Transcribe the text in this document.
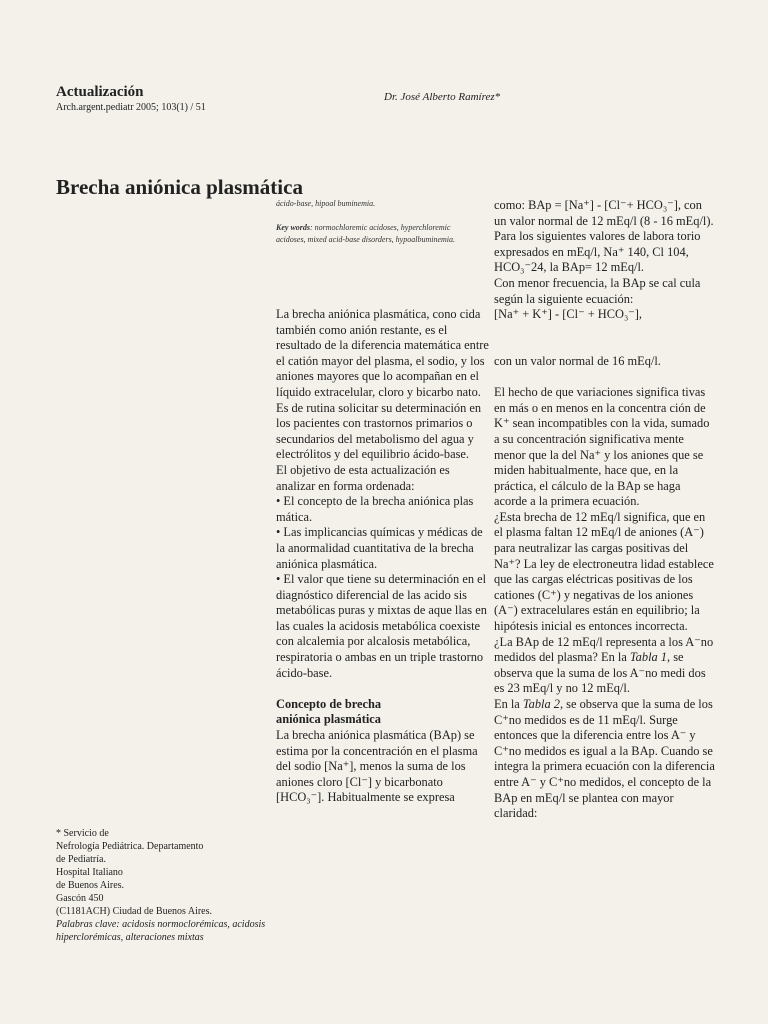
Actualización
Arch.argent.pediatr 2005; 103(1) / 51
Dr. José Alberto Ramírez*
Brecha aniónica plasmática
ácido-base, hipoal buminemia.
Key words: normochloremic acidoses, hyperchloremic acidoses, mixed acid-base disorders, hypoalbuminemia.

La brecha aniónica plasmática, cono cida también como anión restante, es el resultado de la diferencia matemática entre el catión mayor del plasma, el sodio, y los aniones mayores que lo acompañan en el líquido extracelular, cloro y bicarbo nato.

Es de rutina solicitar su determinación en los pacientes con trastornos primarios o secundarios del metabolismo del agua y electrólitos y del equilibrio ácido-base.

El objetivo de esta actualización es analizar en forma ordenada:

• El concepto de la brecha aniónica plas mática.

• Las implicancias químicas y médicas de la anormalidad cuantitativa de la brecha aniónica plasmática.

• El valor que tiene su determinación en el diagnóstico diferencial de las acido sis metabólicas puras y mixtas de aque llas en las cuales la acidosis metabólica coexiste con alcalemia por alcalosis metabólica, respiratoria o ambas en un triple trastorno ácido-base.

Concepto de brecha

aniónica plasmática

La brecha aniónica plasmática (BAp) se estima por la concentración en el plasma del sodio [Na⁺], menos la suma de los aniones cloro [Cl⁻] y bicarbonato [HCO₃⁻]. Habitualmente se expresa

como: BAp = [Na⁺] - [Cl⁻+ HCO₃⁻], con un valor normal de 12 mEq/l (8 - 16 mEq/l).

Para los siguientes valores de labora torio expresados en mEq/l, Na⁺ 140, Cl 104, HCO₃⁻24, la BAp= 12 mEq/l.

Con menor frecuencia, la BAp se cal cula según la siguiente ecuación:

[Na⁺ + K⁺] - [Cl⁻ + HCO₃⁻],

con un valor normal de 16 mEq/l.

El hecho de que variaciones significa tivas en más o en menos en la concentra ción de K⁺ sean incompatibles con la vida, sumado a su concentración significativa mente menor que la del Na⁺ y los aniones que se miden habitualmente, hace que, en la práctica, el cálculo de la BAp se haga acorde a la primera ecuación.

¿Esta brecha de 12 mEq/l significa, que en el plasma faltan 12 mEq/l de aniones (A⁻) para neutralizar las cargas positivas del Na⁺? La ley de electroneutra lidad establece que las cargas eléctricas positivas de los cationes (C⁺) y negativas de los aniones (A⁻) extracelulares están en equilibrio; la hipótesis inicial es entonces incorrecta.

¿La BAp de 12 mEq/l representa a los A⁻no medidos del plasma? En la Tabla 1, se observa que la suma de los A⁻no medi dos es 23 mEq/l y no 12 mEq/l.

En la Tabla 2, se observa que la suma de los C⁺no medidos es de 11 mEq/l. Surge entonces que la diferencia entre los A⁻ y C⁺no medidos es igual a la BAp. Cuando se integra la primera ecuación con la diferencia entre A⁻ y C⁺no medidos, el concepto de la BAp en mEq/l se plantea con mayor claridad:

* Servicio de
Nefrología Pediátrica. Departamento
de Pediatría.
Hospital Italiano
de Buenos Aires.
Gascón 450
(C1181ACH) Ciudad de Buenos Aires.
Palabras clave: acidosis normoclorémicas, acidosis hiperclorémicas, alteraciones mixtas
